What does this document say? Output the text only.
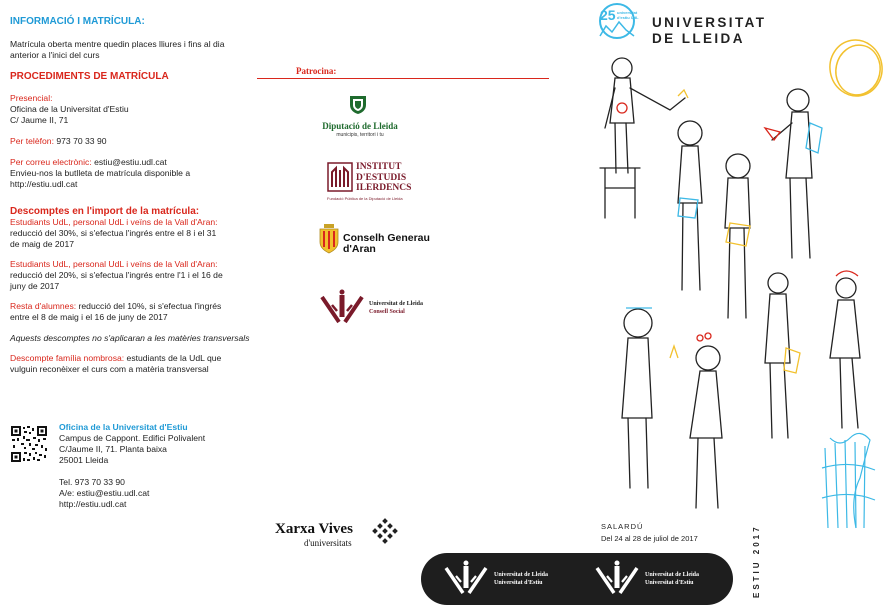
INFORMACIÓ I MATRÍCULA:
Matrícula oberta mentre quedin places lliures i fins al dia
anterior a l'inici del curs
PROCEDIMENTS DE MATRÍCULA
Presencial:
Oficina de la Universitat d'Estiu
C/ Jaume II, 71
Per telèfon: 973 70 33 90
Per correu electrònic: estiu@estiu.udl.cat
Envieu-nos la butlleta de matrícula disponible a
http://estiu.udl.cat
Descomptes en l'import de la matrícula:
Estudiants UdL, personal UdL i veïns de la Vall d'Aran:
reducció del 30%, si s'efectua l'ingrés entre el 8 i el 31
de maig de 2017
Estudiants UdL, personal UdL i veïns de la Vall d'Aran:
reducció del 20%, si s'efectua l'ingrés entre l'1 i el 16 de
juny de 2017
Resta d'alumnes: reducció del 10%, si s'efectua l'ingrés
entre el 8 de maig i el 16 de juny de 2017
Aquests descomptes no s'aplicaran a les matèries transversals
Descompte família nombrosa: estudiants de la UdL que
vulguin reconèixer el curs com a matèria transversal
Oficina de la Universitat d'Estiu
Campus de Cappont. Edifici Polivalent
C/Jaume II, 71. Planta baixa
25001 Lleida
Tel. 973 70 33 90
A/e: estiu@estiu.udl.cat
http://estiu.udl.cat
Patrocina:
Diputació de Lleida
municipis, territori i tu
INSTITUT
D'ESTUDIS
ILERDENCS
Fundació Pública de la Diputació de Lleida
Conselh Generau
d'Aran
Universitat de Lleida
Consell Social
Xarxa Vives
d'universitats
25 universitat d'estiu UdL UNIVERSITAT
DE LLEIDA
SALARDÚ
Del 24 al 28 de juliol de 2017	ESTIU 2017
Universitat de Lleida
Universitat d'Estiu
Universitat de Lleida
Universitat d'Estiu
